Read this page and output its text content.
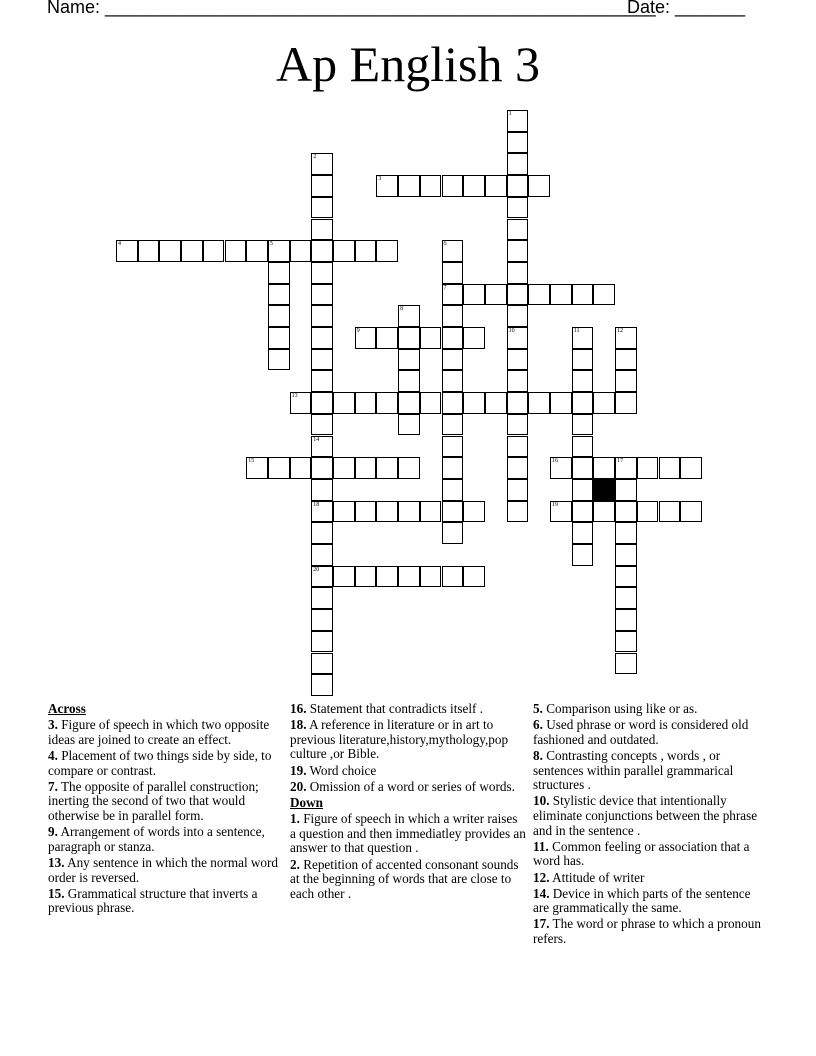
Name: _______________________________________________________
Date: _______
Ap English 3
1
10
2
14
18
20
3
4	5	6
7
8
9	11	12
13
15	16	17
19
Across
3. Figure of speech in which two opposite ideas are joined to create an effect.
4. Placement of two things side by side, to compare or contrast.
7. The opposite of parallel construction; inerting the second of two that would otherwise be in parallel form.
9. Arrangement of words into a sentence, paragraph or stanza.
13. Any sentence in which the normal word order is reversed.
15. Grammatical structure that inverts a previous phrase.
16. Statement that contradicts itself .
18. A reference in literature or in art to previous literature,history,mythology,pop culture ,or Bible.
19. Word choice
20. Omission of a word or series of words.
Down
1. Figure of speech in which a writer raises a question and then immediatley provides an answer to that question .
2. Repetition of accented consonant sounds at the beginning of words that are close to each other .
5. Comparison using like or as.
6. Used phrase or word is considered old fashioned and outdated.
8. Contrasting concepts , words , or sentences within parallel grammarical structures .
10. Stylistic device that intentionally eliminate conjunctions between the phrase and in the sentence .
11. Common feeling or association that a word has.
12. Attitude of writer
14. Device in which parts of the sentence are grammatically the same.
17. The word or phrase to which a pronoun refers.
